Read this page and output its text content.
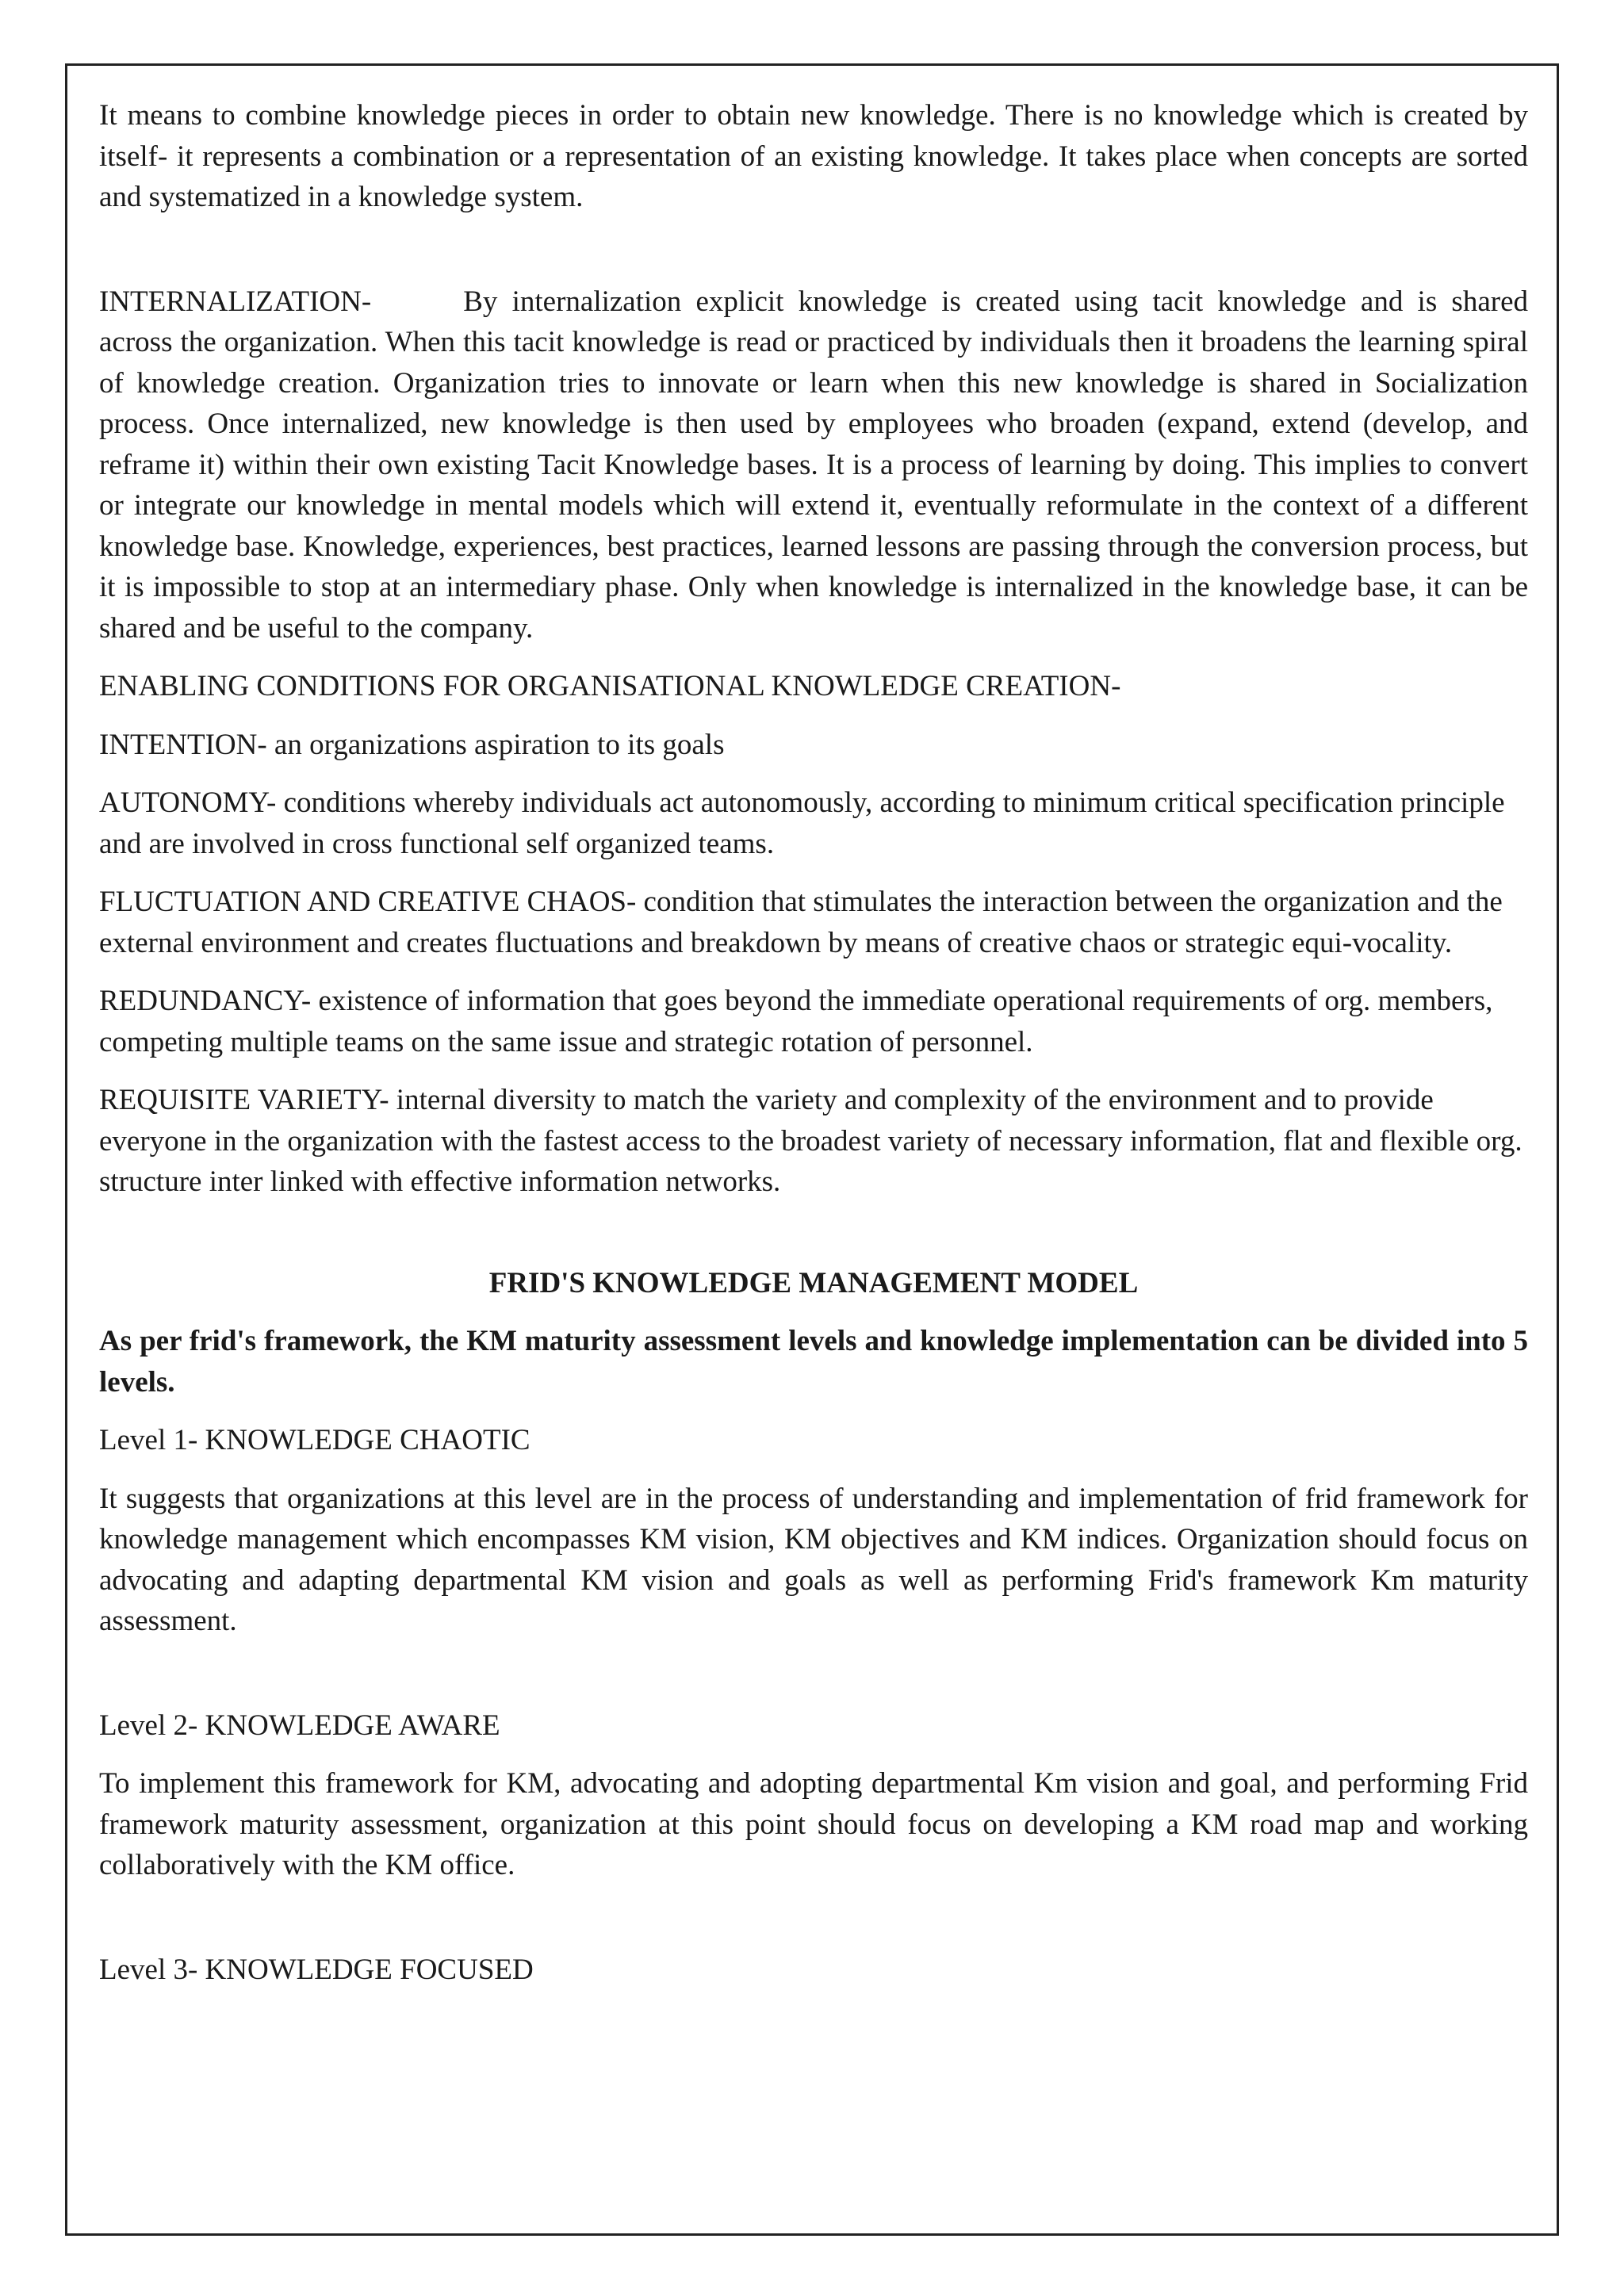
It means to combine knowledge pieces in order to obtain new knowledge. There is no knowledge which is created by itself- it represents a combination or a representation of an existing knowledge. It takes place when concepts are sorted and systematized in a knowledge system.

INTERNALIZATION-	By internalization explicit knowledge is created using tacit knowledge and is shared across the organization. When this tacit knowledge is read or practiced by individuals then it broadens the learning spiral of knowledge creation. Organization tries to innovate or learn when this new knowledge is shared in Socialization process. Once internalized, new knowledge is then used by employees who broaden (expand, extend (develop, and reframe it) within their own existing Tacit Knowledge bases. It is a process of learning by doing. This implies to convert or integrate our knowledge in mental models which will extend it, eventually reformulate in the context of a different knowledge base. Knowledge, experiences, best practices, learned lessons are passing through the conversion process, but it is impossible to stop at an intermediary phase. Only when knowledge is internalized in the knowledge base, it can be shared and be useful to the company.

ENABLING CONDITIONS FOR ORGANISATIONAL KNOWLEDGE CREATION-

INTENTION- an organizations aspiration to its goals

AUTONOMY- conditions whereby individuals act autonomously, according to minimum critical specification principle and are involved in cross functional self organized teams.

FLUCTUATION AND CREATIVE CHAOS- condition that stimulates the interaction between the organization and the external environment and creates fluctuations and breakdown by means of creative chaos or strategic equi-vocality.

REDUNDANCY- existence of information that goes beyond the immediate operational requirements of org. members, competing multiple teams on the same issue and strategic rotation of personnel.

REQUISITE VARIETY- internal diversity to match the variety and complexity of the environment and to provide everyone in the organization with the fastest access to the broadest variety of necessary information, flat and flexible org. structure inter linked with effective information networks.

FRID'S KNOWLEDGE MANAGEMENT MODEL

As per frid's framework, the KM maturity assessment levels and knowledge implementation can be divided into 5 levels.

Level 1- KNOWLEDGE CHAOTIC

It suggests that organizations at this level are in the process of understanding and implementation of frid framework for knowledge management which encompasses KM vision, KM objectives and KM indices. Organization should focus on advocating and adapting departmental KM vision and goals as well as performing Frid's framework Km maturity assessment.

Level 2- KNOWLEDGE AWARE

To implement this framework for KM, advocating and adopting departmental Km vision and goal, and performing Frid framework maturity assessment, organization at this point should focus on developing a KM road map and working collaboratively with the KM office.

Level 3- KNOWLEDGE FOCUSED
